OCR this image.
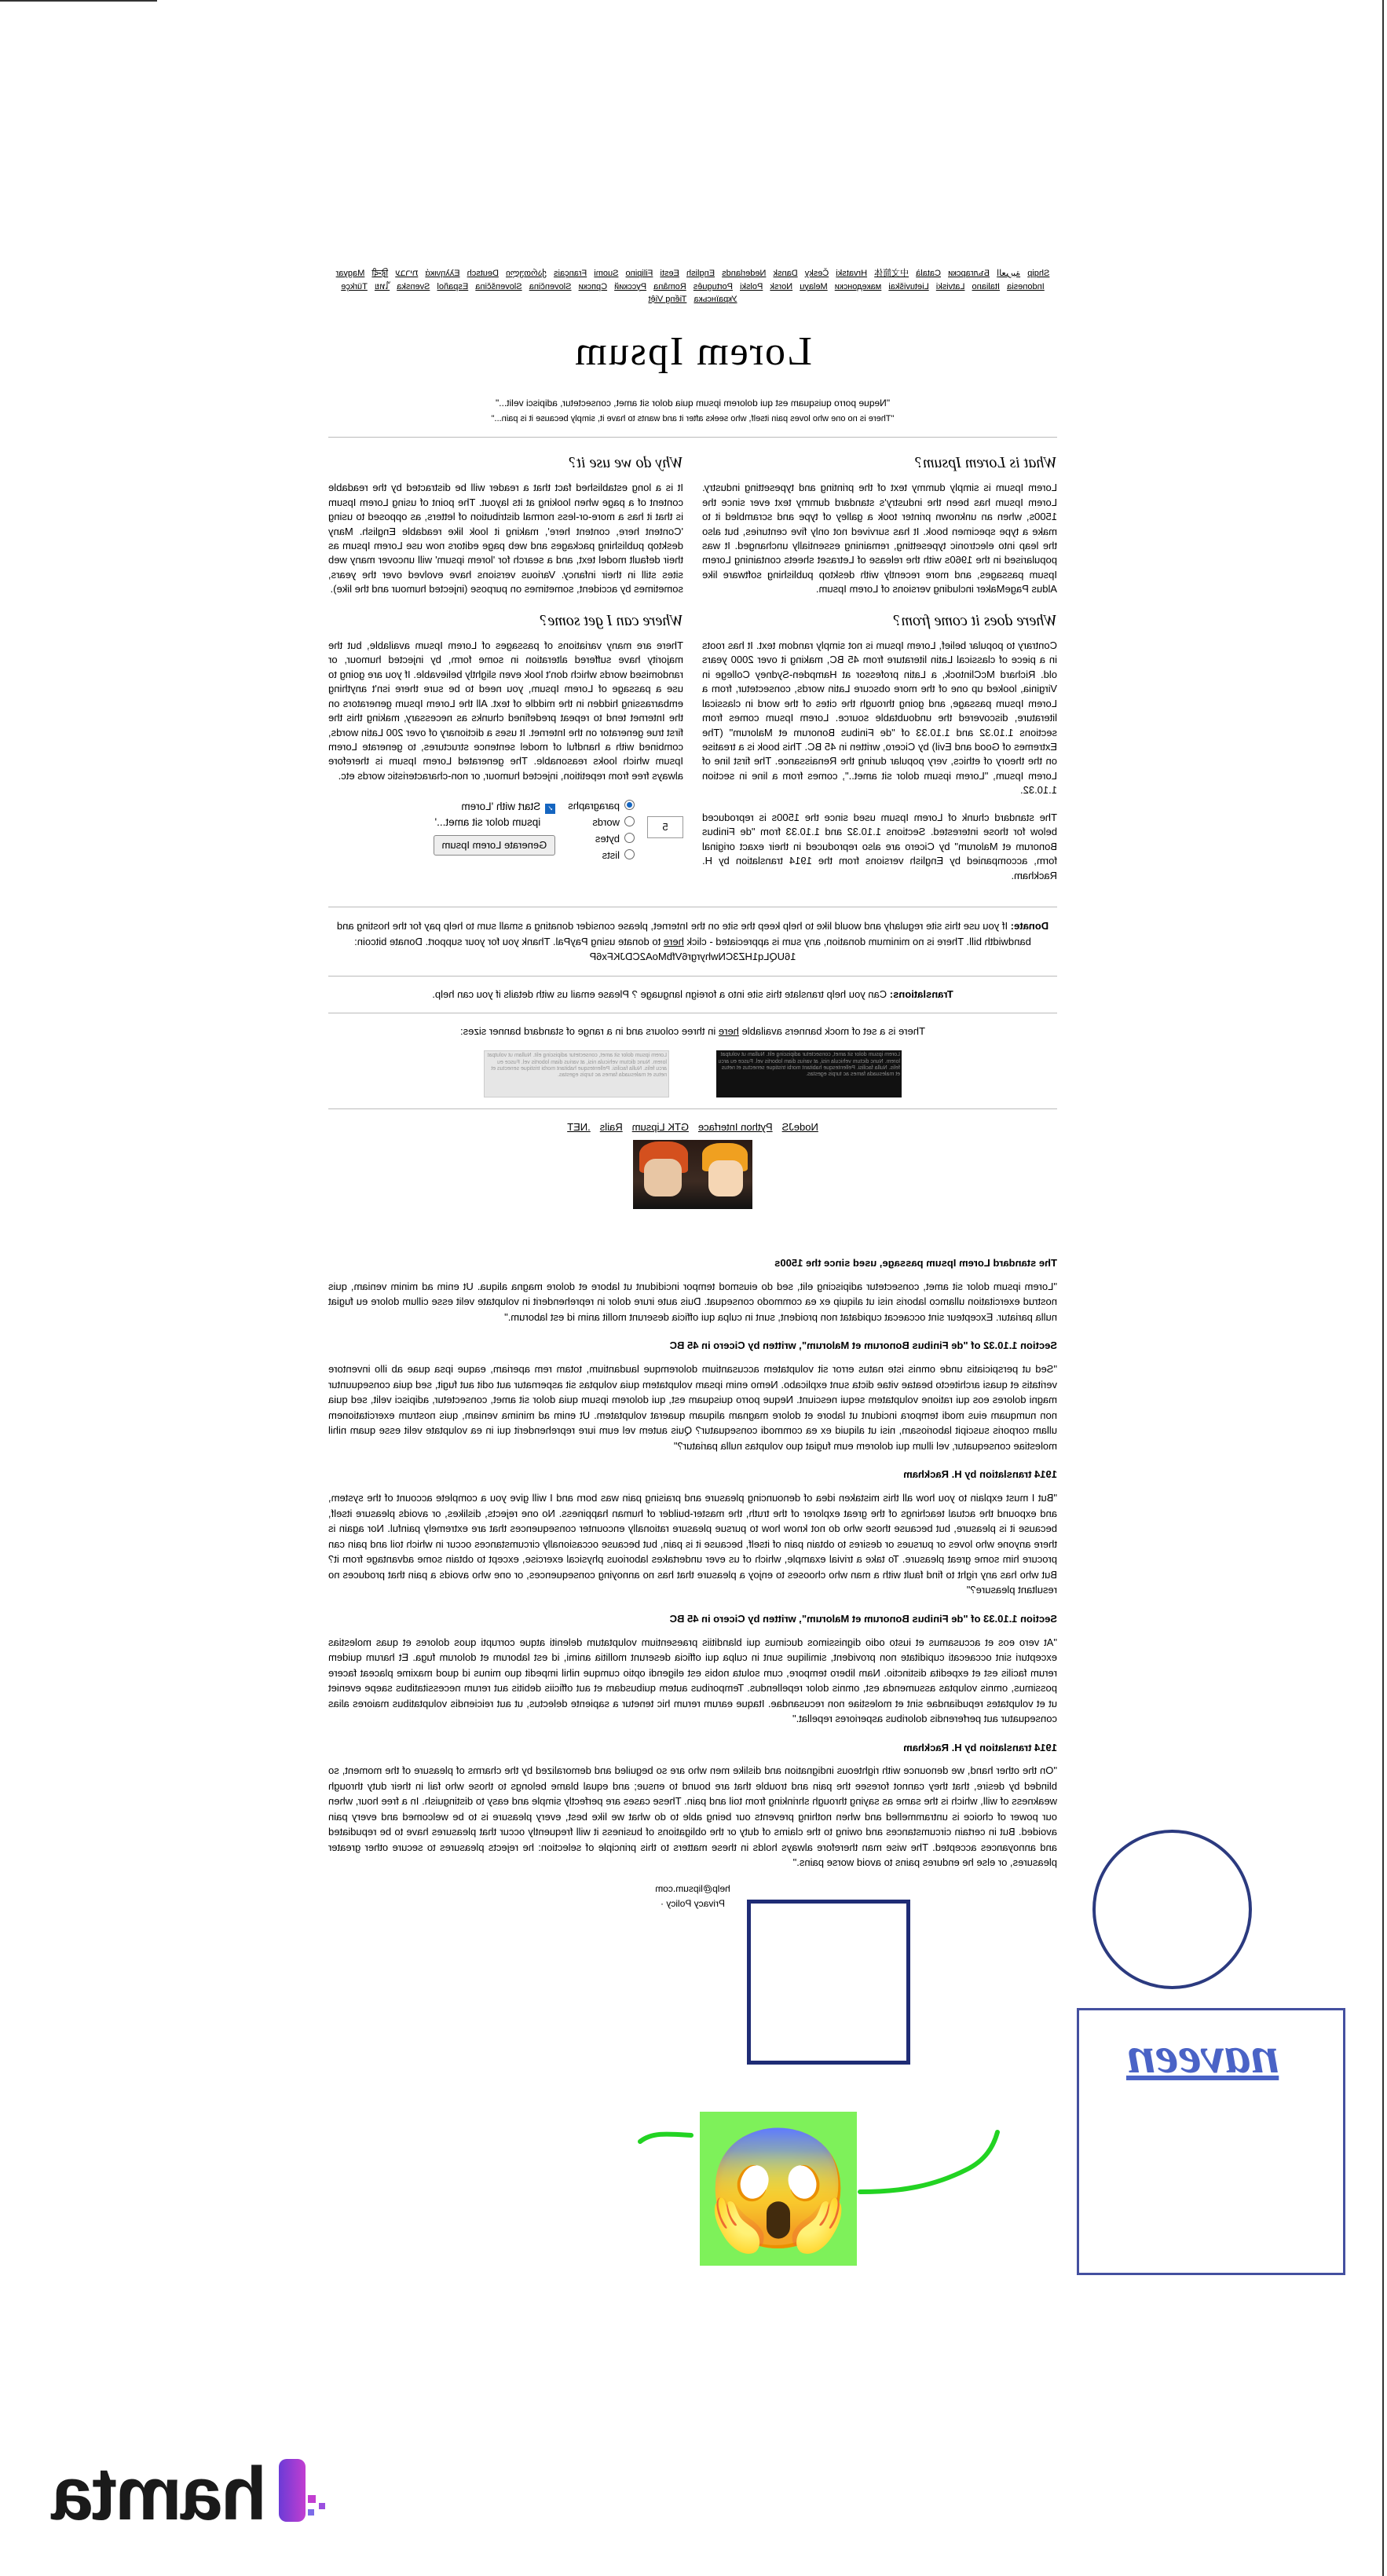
Shqip العربية Български Català 中文简体 Hrvatski Česky Dansk Nederlands English Eesti Filipino Suomi Français ქართული Deutsch Ελληνικά עברית हिन्दी Magyar Indonesia Italiano Latviski Lietuviškai македонски Melayu Norsk Polski Português Româna Pyccкий Српски Slovenčina Slovenščina Español Svenska ไทย Türkçe Українська Tiếng Việt
Lorem Ipsum
"Neque porro quisquam est qui dolorem ipsum quia dolor sit amet, consectetur, adipisci velit..."
"There is no one who loves pain itself, who seeks after it and wants to have it, simply because it is pain..."
What is Lorem Ipsum?

Lorem Ipsum is simply dummy text of the printing and typesetting industry. Lorem Ipsum has been the industry's standard dummy text ever since the 1500s, when an unknown printer took a galley of type and scrambled it to make a type specimen book. It has survived not only five centuries, but also the leap into electronic typesetting, remaining essentially unchanged. It was popularised in the 1960s with the release of Letraset sheets containing Lorem Ipsum passages, and more recently with desktop publishing software like Aldus PageMaker including versions of Lorem Ipsum.

Where does it come from?

Contrary to popular belief, Lorem Ipsum is not simply random text. It has roots in a piece of classical Latin literature from 45 BC, making it over 2000 years old. Richard McClintock, a Latin professor at Hampden-Sydney College in Virginia, looked up one of the more obscure Latin words, consectetur, from a Lorem Ipsum passage, and going through the cites of the word in classical literature, discovered the undoubtable source. Lorem Ipsum comes from sections 1.10.32 and 1.10.33 of "de Finibus Bonorum et Malorum" (The Extremes of Good and Evil) by Cicero, written in 45 BC. This book is a treatise on the theory of ethics, very popular during the Renaissance. The first line of Lorem Ipsum, "Lorem ipsum dolor sit amet..", comes from a line in section 1.10.32.

The standard chunk of Lorem Ipsum used since the 1500s is reproduced below for those interested. Sections 1.10.32 and 1.10.33 from "de Finibus Bonorum et Malorum" by Cicero are also reproduced in their exact original form, accompanied by English versions from the 1914 translation by H. Rackham.

Why do we use it?

It is a long established fact that a reader will be distracted by the readable content of a page when looking at its layout. The point of using Lorem Ipsum is that it has a more-or-less normal distribution of letters, as opposed to using 'Content here, content here', making it look like readable English. Many desktop publishing packages and web page editors now use Lorem Ipsum as their default model text, and a search for 'lorem ipsum' will uncover many web sites still in their infancy. Various versions have evolved over the years, sometimes by accident, sometimes on purpose (injected humour and the like).

Where can I get some?

There are many variations of passages of Lorem Ipsum available, but the majority have suffered alteration in some form, by injected humour, or randomised words which don't look even slightly believable. If you are going to use a passage of Lorem Ipsum, you need to be sure there isn't anything embarrassing hidden in the middle of text. All the Lorem Ipsum generators on the Internet tend to repeat predefined chunks as necessary, making this the first true generator on the Internet. It uses a dictionary of over 200 Latin words, combined with a handful of model sentence structures, to generate Lorem Ipsum which looks reasonable. The generated Lorem Ipsum is therefore always free from repetition, injected humour, or non-characteristic words etc.

5
paragraphs
words
bytes
lists
✓Start with 'Lorem
ipsum dolor sit amet...'
Generate Lorem Ipsum
Donate: If you use this site regularly and would like to help keep the site on the Internet, please consider donating a small sum to help pay for the hosting and bandwidth bill. There is no minimum donation, any sum is appreciated - click here to donate using PayPal. Thank you for your support. Donate bitcoin: 16UQLq1HZ3CNwhyrgr6VfbMoA2CDJKFx6P
Translations: Can you help translate this site into a foreign language ? Please email us with details if you can help.
There is a set of mock banners available here in three colours and in a range of standard banner sizes:
Lorem ipsum dolor sit amet, consectetur adipiscing elit. Nullam ut volutpat lorem. Nunc dictum vehicula nisi, at varius diam lobortis vel. Fusce eu arcu felis. Nulla facilisi. Pellentesque habitant morbi tristique senectus et netus et malesuada fames ac turpis egestas.
Lorem ipsum dolor sit amet, consectetur adipiscing elit. Nullam ut volutpat lorem. Nunc dictum vehicula nisi, at varius diam lobortis vel. Fusce eu arcu felis. Nulla facilisi. Pellentesque habitant morbi tristique senectus et netus et malesuada fames ac turpis egestas.
NodeJSPython InterfaceGTK LipsumRails.NET
The standard Lorem Ipsum passage, used since the 1500s

"Lorem ipsum dolor sit amet, consectetur adipiscing elit, sed do eiusmod tempor incididunt ut labore et dolore magna aliqua. Ut enim ad minim veniam, quis nostrud exercitation ullamco laboris nisi ut aliquip ex ea commodo consequat. Duis aute irure dolor in reprehenderit in voluptate velit esse cillum dolore eu fugiat nulla pariatur. Excepteur sint occaecat cupidatat non proident, sunt in culpa qui officia deserunt mollit anim id est laborum."

Section 1.10.32 of "de Finibus Bonorum et Malorum", written by Cicero in 45 BC

"Sed ut perspiciatis unde omnis iste natus error sit voluptatem accusantium doloremque laudantium, totam rem aperiam, eaque ipsa quae ab illo inventore veritatis et quasi architecto beatae vitae dicta sunt explicabo. Nemo enim ipsam voluptatem quia voluptas sit aspernatur aut odit aut fugit, sed quia consequuntur magni dolores eos qui ratione voluptatem sequi nesciunt. Neque porro quisquam est, qui dolorem ipsum quia dolor sit amet, consectetur, adipisci velit, sed quia non numquam eius modi tempora incidunt ut labore et dolore magnam aliquam quaerat voluptatem. Ut enim ad minima veniam, quis nostrum exercitationem ullam corporis suscipit laboriosam, nisi ut aliquid ex ea commodi consequatur? Quis autem vel eum iure reprehenderit qui in ea voluptate velit esse quam nihil molestiae consequatur, vel illum qui dolorem eum fugiat quo voluptas nulla pariatur?"

1914 translation by H. Rackham

"But I must explain to you how all this mistaken idea of denouncing pleasure and praising pain was born and I will give you a complete account of the system, and expound the actual teachings of the great explorer of the truth, the master-builder of human happiness. No one rejects, dislikes, or avoids pleasure itself, because it is pleasure, but because those who do not know how to pursue pleasure rationally encounter consequences that are extremely painful. Nor again is there anyone who loves or pursues or desires to obtain pain of itself, because it is pain, but because occasionally circumstances occur in which toil and pain can procure him some great pleasure. To take a trivial example, which of us ever undertakes laborious physical exercise, except to obtain some advantage from it? But who has any right to find fault with a man who chooses to enjoy a pleasure that has no annoying consequences, or one who avoids a pain that produces no resultant pleasure?"

Section 1.10.33 of "de Finibus Bonorum et Malorum", written by Cicero in 45 BC

"At vero eos et accusamus et iusto odio dignissimos ducimus qui blanditiis praesentium voluptatum deleniti atque corrupti quos dolores et quas molestias excepturi sint occaecati cupiditate non provident, similique sunt in culpa qui officia deserunt mollitia animi, id est laborum et dolorum fuga. Et harum quidem rerum facilis est et expedita distinctio. Nam libero tempore, cum soluta nobis est eligendi optio cumque nihil impedit quo minus id quod maxime placeat facere possimus, omnis voluptas assumenda est, omnis dolor repellendus. Temporibus autem quibusdam et aut officiis debitis aut rerum necessitatibus saepe eveniet ut et voluptates repudiandae sint et molestiae non recusandae. Itaque earum rerum hic tenetur a sapiente delectus, ut aut reiciendis voluptatibus maiores alias consequatur aut perferendis doloribus asperiores repellat."

1914 translation by H. Rackham

"On the other hand, we denounce with righteous indignation and dislike men who are so beguiled and demoralized by the charms of pleasure of the moment, so blinded by desire, that they cannot foresee the pain and trouble that are bound to ensue; and equal blame belongs to those who fail in their duty through weakness of will, which is the same as saying through shrinking from toil and pain. These cases are perfectly simple and easy to distinguish. In a free hour, when our power of choice is untrammelled and when nothing prevents our being able to do what we like best, every pleasure is to be welcomed and every pain avoided. But in certain circumstances and owing to the claims of duty or the obligations of business it will frequently occur that pleasures have to be repudiated and annoyances accepted. The wise man therefore always holds in these matters to this principle of selection: he rejects pleasures to secure other greater pleasures, or else he endures pains to avoid worse pains."

help@lipsum.com
Privacy Policy ·
naveen
😱
hamta
